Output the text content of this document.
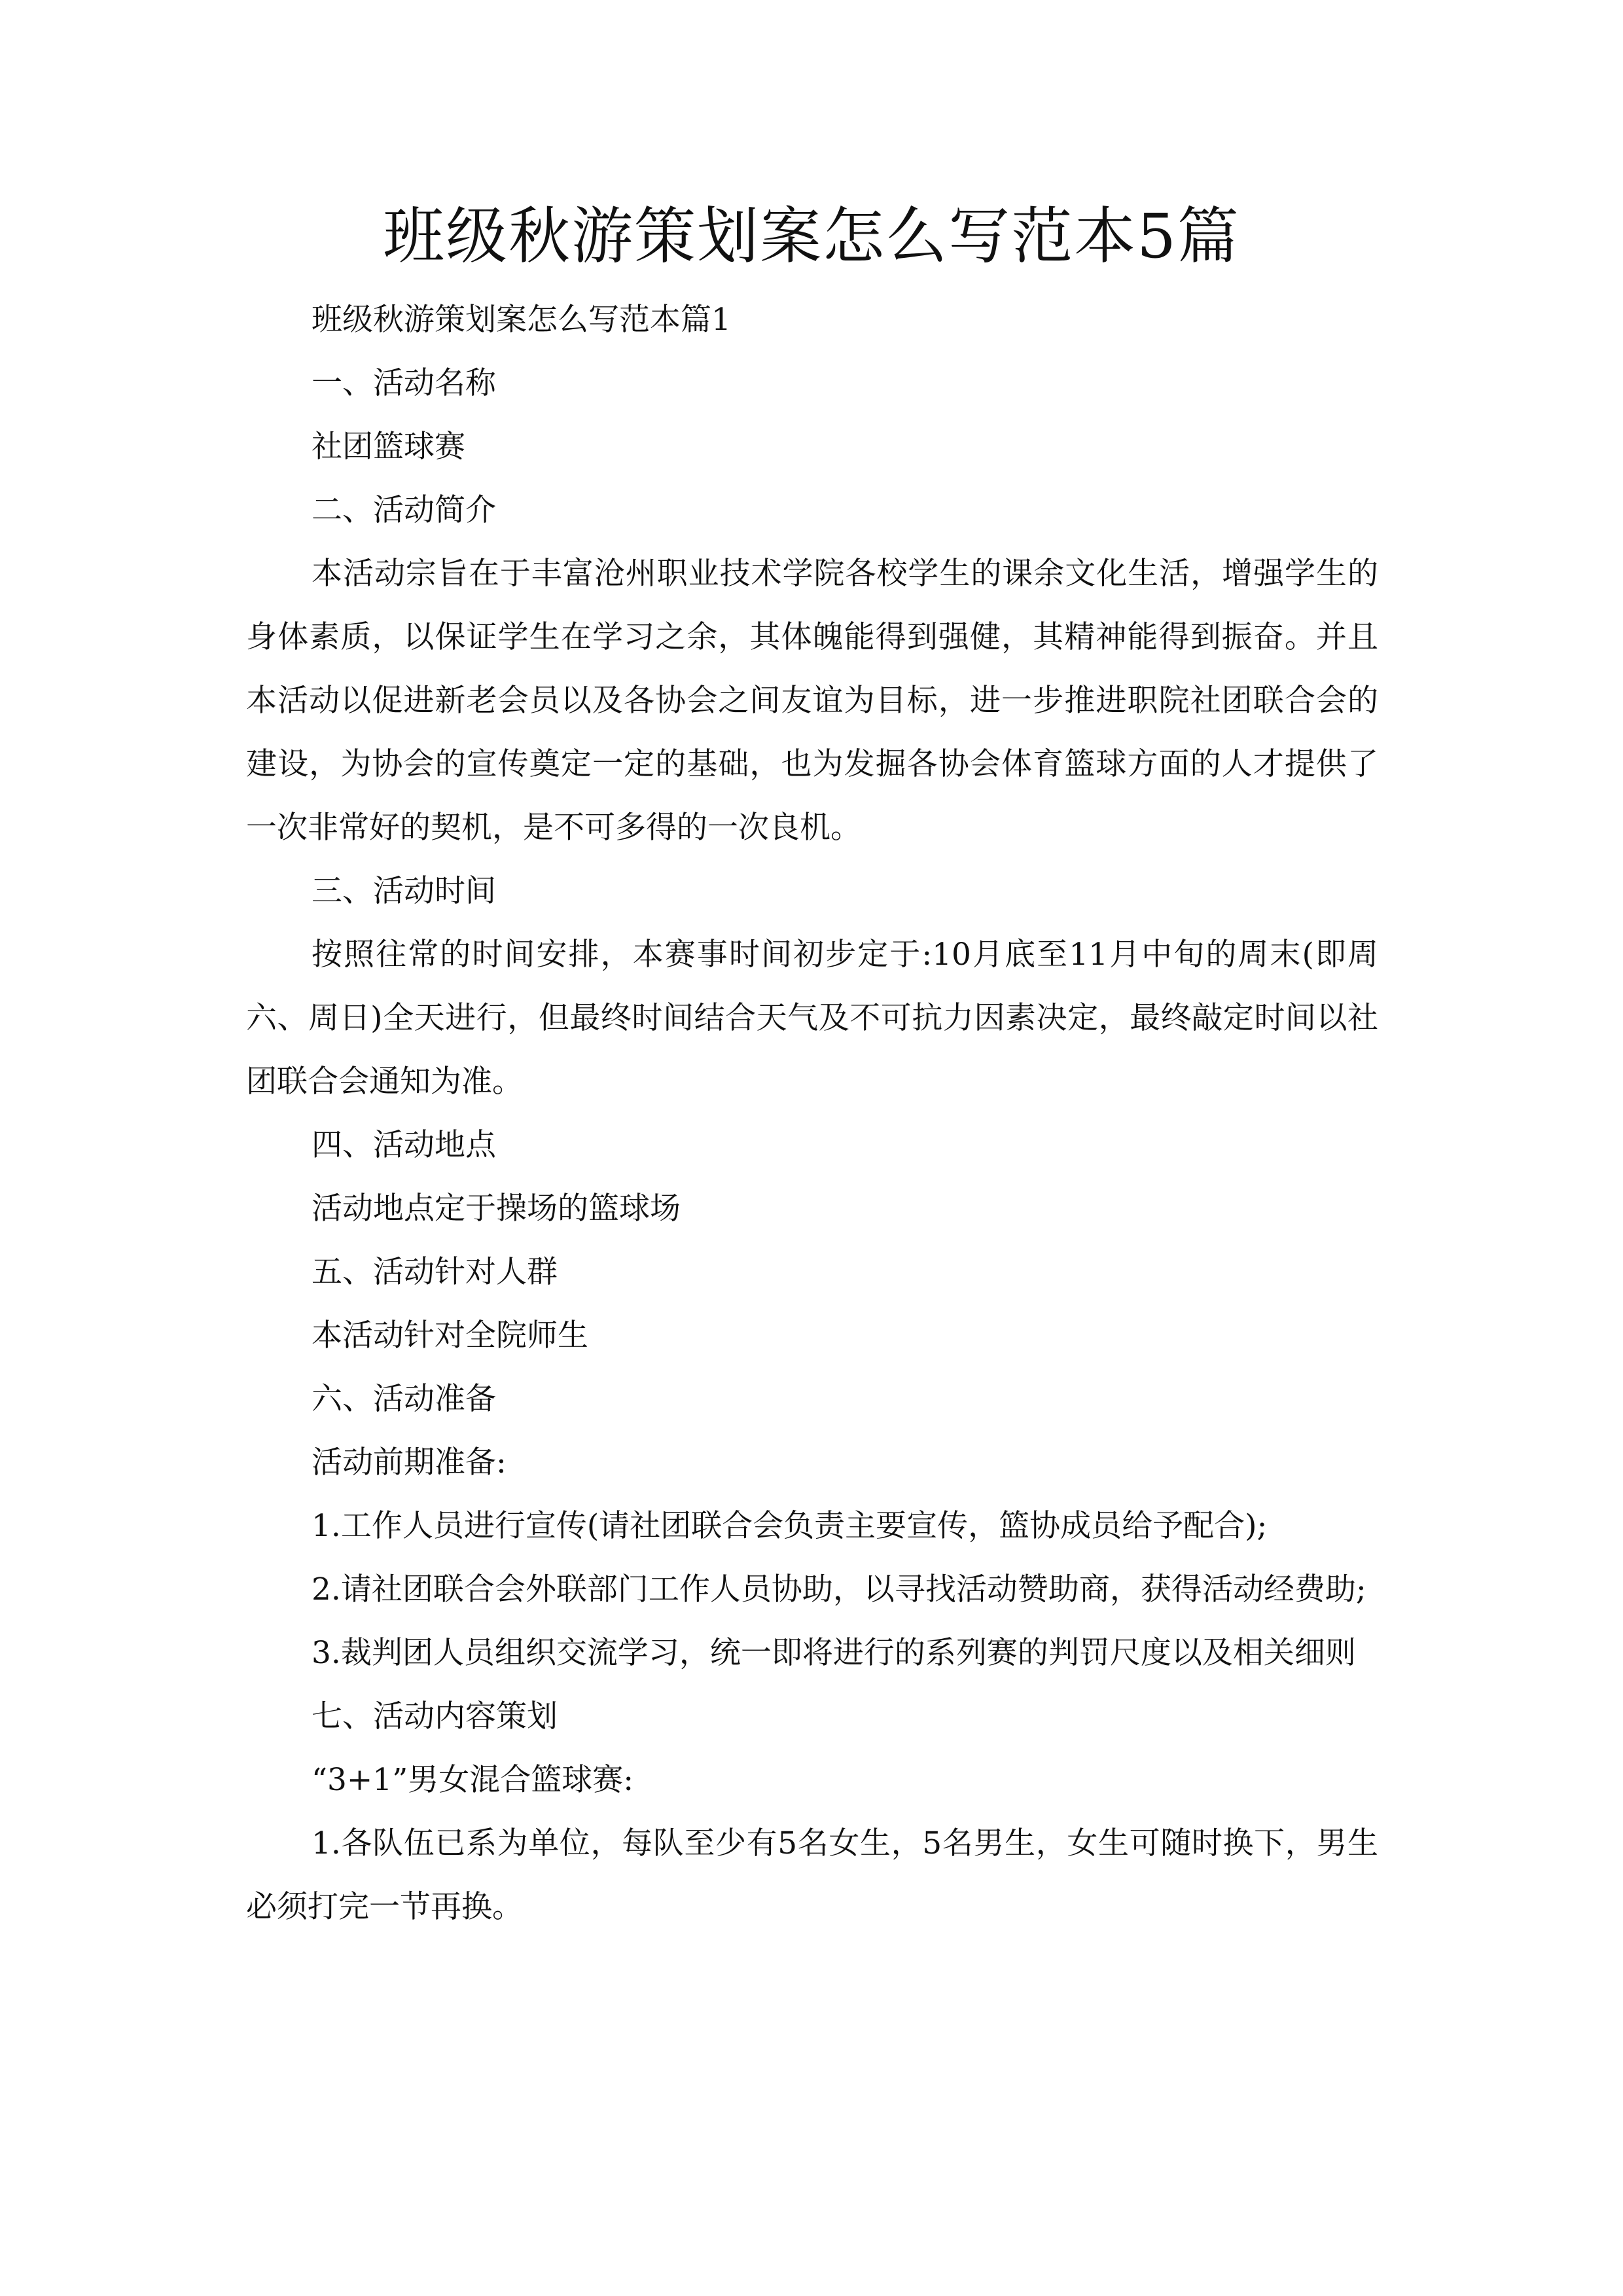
班级秋游策划案怎么写范本5篇

班级秋游策划案怎么写范本篇1

一、活动名称

社团篮球赛

二、活动简介

本活动宗旨在于丰富沧州职业技术学院各校学生的课余文化生活，增强学生的身体素质，以保证学生在学习之余，其体魄能得到强健，其精神能得到振奋。并且本活动以促进新老会员以及各协会之间友谊为目标，进一步推进职院社团联合会的建设，为协会的宣传奠定一定的基础，也为发掘各协会体育篮球方面的人才提供了一次非常好的契机，是不可多得的一次良机。

三、活动时间

按照往常的时间安排，本赛事时间初步定于:10月底至11月中旬的周末(即周六、周日)全天进行，但最终时间结合天气及不可抗力因素决定，最终敲定时间以社团联合会通知为准。

四、活动地点

活动地点定于操场的篮球场

五、活动针对人群

本活动针对全院师生

六、活动准备

活动前期准备:

1.工作人员进行宣传(请社团联合会负责主要宣传，篮协成员给予配合);

2.请社团联合会外联部门工作人员协助，以寻找活动赞助商，获得活动经费助;

3.裁判团人员组织交流学习，统一即将进行的系列赛的判罚尺度以及相关细则

七、活动内容策划

“3+1”男女混合篮球赛:

1.各队伍已系为单位，每队至少有5名女生，5名男生，女生可随时换下，男生必须打完一节再换。
